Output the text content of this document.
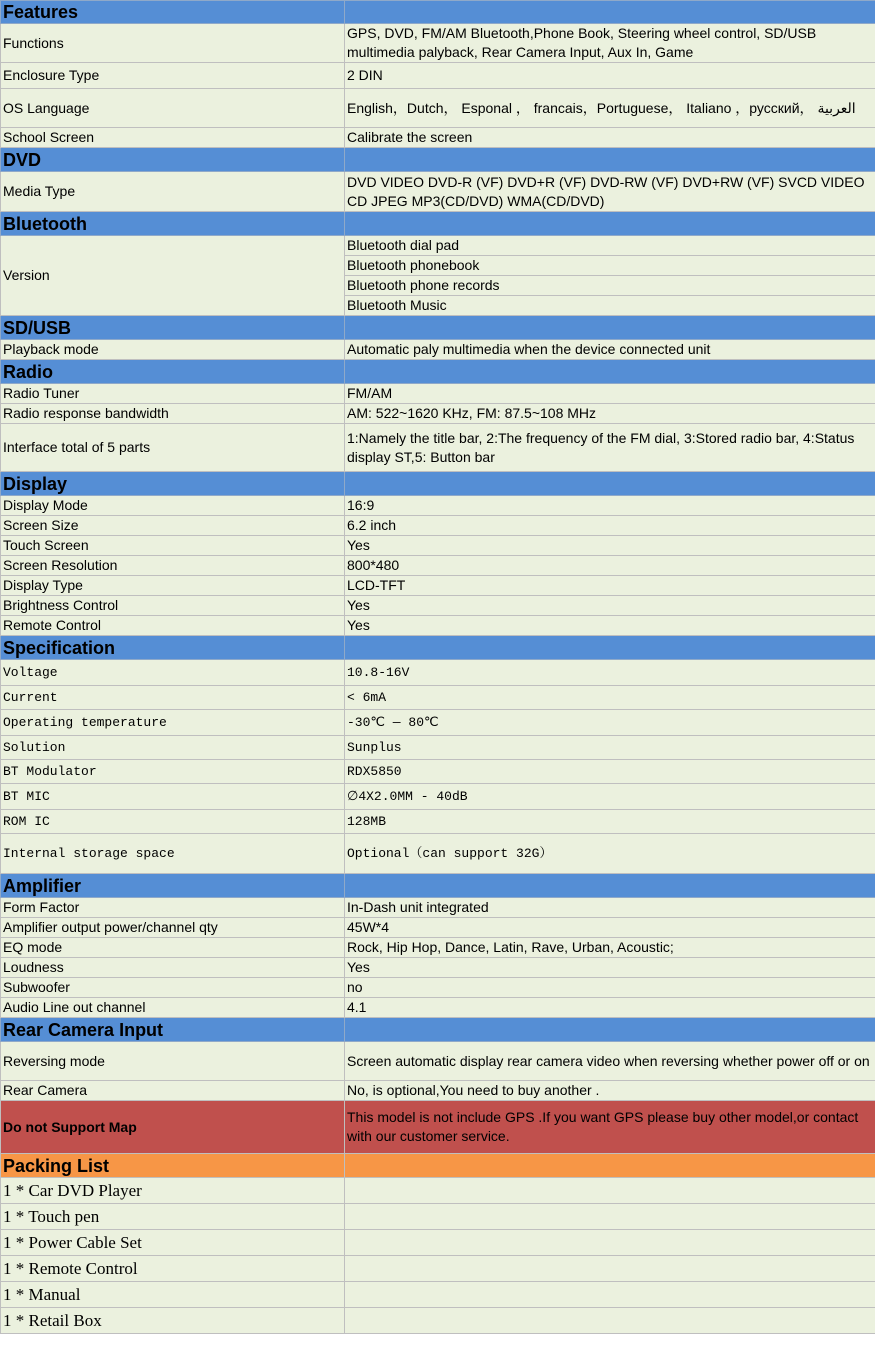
Features	
Functions	GPS, DVD, FM/AM Bluetooth,Phone Book, Steering wheel control, SD/USB multimedia palyback, Rear Camera Input, Aux In, Game
Enclosure Type	2 DIN
OS Language	English，Dutch， Esponal ， francais，Portuguese， Italiano ，русский， العربية
School Screen	Calibrate the screen
DVD	
Media Type	DVD VIDEO DVD-R (VF) DVD+R (VF) DVD-RW (VF) DVD+RW (VF) SVCD VIDEO CD JPEG MP3(CD/DVD) WMA(CD/DVD)
Bluetooth	
Version	Bluetooth dial pad
Bluetooth phonebook
Bluetooth phone records
Bluetooth Music

SD/USB	
Playback mode	Automatic paly multimedia when the device connected unit
Radio	
Radio Tuner	FM/AM
Radio response bandwidth	AM: 522~1620 KHz, FM: 87.5~108 MHz
Interface total of 5 parts	1:Namely the title bar, 2:The frequency of the FM dial, 3:Stored radio bar, 4:Status display ST,5: Button bar
Display	
Display Mode	16:9
Screen Size	6.2 inch
Touch Screen	Yes
Screen Resolution	800*480
Display Type	LCD-TFT
Brightness Control	Yes
Remote Control	Yes
Specification	
Voltage	10.8-16V
Current	< 6mA
Operating temperature	-30℃ — 80℃
Solution	Sunplus
BT Modulator	RDX5850
BT MIC	∅4X2.0MM - 40dB
ROM IC	128MB
Internal storage space	Optional（can support 32G）
Amplifier	
Form Factor	In-Dash unit integrated
Amplifier output power/channel qty	45W*4
EQ mode	Rock, Hip Hop, Dance, Latin, Rave, Urban, Acoustic;
Loudness	Yes
Subwoofer	no
Audio Line out channel	4.1
Rear Camera Input	
Reversing mode	Screen automatic display rear camera video when reversing whether power off or on
Rear Camera	No, is optional,You need to buy another .
Do not Support Map	This model is not include GPS .If you want GPS please buy other model,or contact with our customer service.
Packing List	
1 * Car DVD Player	
1 * Touch pen	
1 * Power Cable Set	
1 * Remote Control	
1 * Manual	
1 * Retail Box	
